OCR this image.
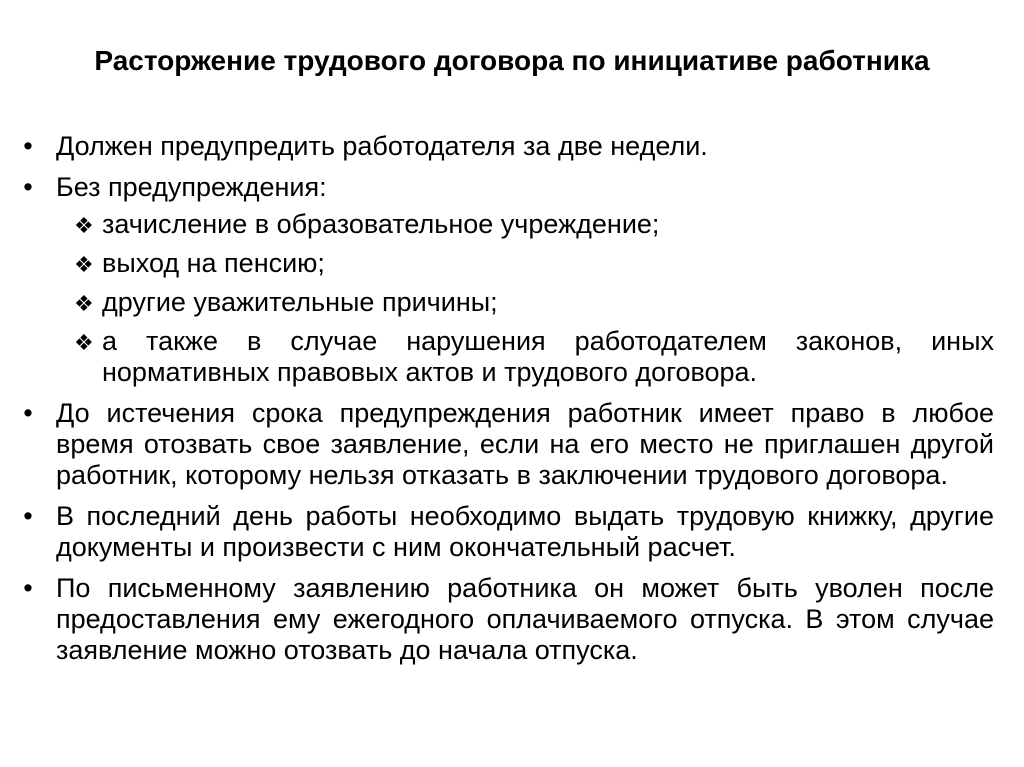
Расторжение трудового договора по инициативе работника
• Должен предупредить работодателя за две недели.
• Без предупреждения:
❖ зачисление в образовательное учреждение;
❖ выход на пенсию;
❖ другие уважительные причины;
❖ а также в случае нарушения работодателем законов, иных нормативных правовых актов и трудового договора.
• До истечения срока предупреждения работник имеет право в любое время отозвать свое заявление, если на его место не приглашен другой работник, которому нельзя отказать в заключении трудового договора.
• В последний день работы необходимо выдать трудовую книжку, другие документы и произвести с ним окончательный расчет.
• По письменному заявлению работника он может быть уволен после предоставления ему ежегодного оплачиваемого отпуска. В этом случае заявление можно отозвать до начала отпуска.
